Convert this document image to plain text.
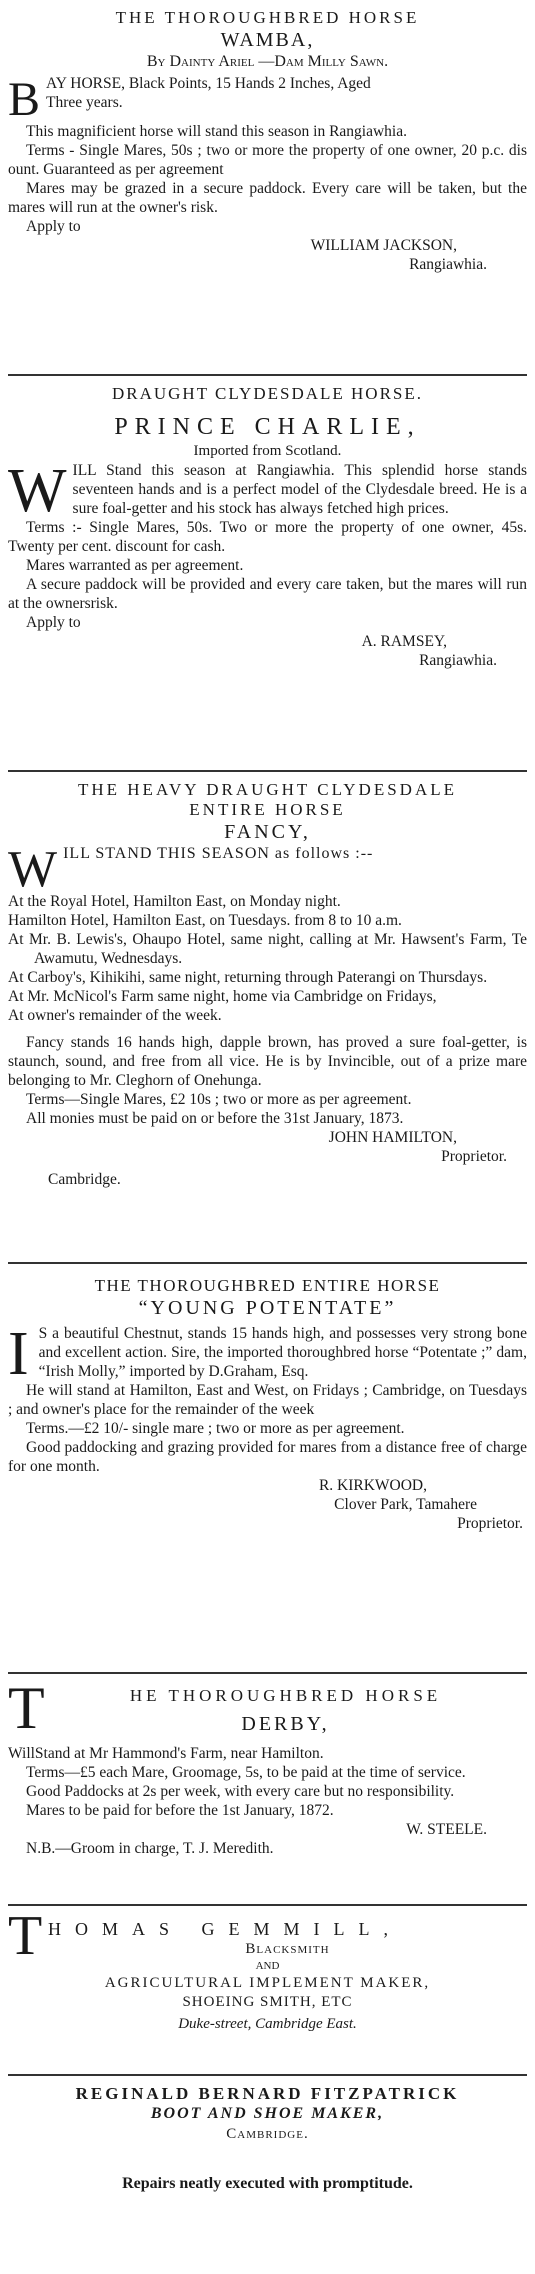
THE THOROUGHBRED HORSE
WAMBA,
By Dainty Ariel —Dam Milly Sawn.
B AY HORSE, Black Points, 15 Hands 2 Inches, Aged
Three years.
This magnificient horse will stand this season in Rangiawhia.
Terms - Single Mares, 50s ; two or more the property of one owner, 20 p.c. dis ount. Guaranteed as per agreement
Mares may be grazed in a secure paddock. Every care will be taken, but the mares will run at the owner's risk.
Apply to
WILLIAM JACKSON,
Rangiawhia.
DRAUGHT CLYDESDALE HORSE.
PRINCE CHARLIE,
Imported from Scotland.
W ILL Stand this season at Rangiawhia. This splendid horse stands seventeen hands and is a perfect model of the Clydesdale breed. He is a sure foal-getter and his stock has always fetched high prices.
Terms :- Single Mares, 50s. Two or more the property of one owner, 45s. Twenty per cent. discount for cash.
Mares warranted as per agreement.
A secure paddock will be provided and every care taken, but the mares will run at the ownersrisk.
Apply to
A. RAMSEY,
Rangiawhia.
THE HEAVY DRAUGHT CLYDESDALE
ENTIRE HORSE
FANCY,
W ILL STAND THIS SEASON as follows :--
At the Royal Hotel, Hamilton East, on Monday night.
Hamilton Hotel, Hamilton East, on Tuesdays. from 8 to 10 a.m.
At Mr. B. Lewis's, Ohaupo Hotel, same night, calling at Mr. Hawsent's Farm, Te Awamutu, Wednesdays.
At Carboy's, Kihikihi, same night, returning through Paterangi on Thursdays.
At Mr. McNicol's Farm same night, home via Cambridge on Fridays,
At owner's remainder of the week.
Fancy stands 16 hands high, dapple brown, has proved a sure foal-getter, is staunch, sound, and free from all vice. He is by Invincible, out of a prize mare belonging to Mr. Cleghorn of Onehunga.
Terms—Single Mares, £2 10s ; two or more as per agreement.
All monies must be paid on or before the 31st January, 1873.
JOHN HAMILTON,
Proprietor.
Cambridge.
THE THOROUGHBRED ENTIRE HORSE
“YOUNG POTENTATE”
I S a beautiful Chestnut, stands 15 hands high, and possesses very strong bone and excellent action. Sire, the imported thoroughbred horse “Potentate ;” dam, “Irish Molly,” imported by D.Graham, Esq.
He will stand at Hamilton, East and West, on Fridays ; Cambridge, on Tuesdays ; and owner's place for the remainder of the week
Terms.—£2 10/- single mare ; two or more as per agreement.
Good paddocking and grazing provided for mares from a distance free of charge for one month.
R. KIRKWOOD,
Clover Park, Tamahere
Proprietor.
T	HE THOROUGHBRED HORSE
DERBY,
WillStand at Mr Hammond's Farm, near Hamilton.
Terms—£5 each Mare, Groomage, 5s, to be paid at the time of service.
Good Paddocks at 2s per week, with every care but no responsibility.
Mares to be paid for before the 1st January, 1872.
W. STEELE.
N.B.—Groom in charge, T. J. Meredith.
T HOMAS GEMMILL,
Blacksmith
AND
AGRICULTURAL IMPLEMENT MAKER,
SHOEING SMITH, ETC
Duke-street, Cambridge East.
REGINALD BERNARD FITZPATRICK
BOOT AND SHOE MAKER,
Cambridge.
Repairs neatly executed with promptitude.
